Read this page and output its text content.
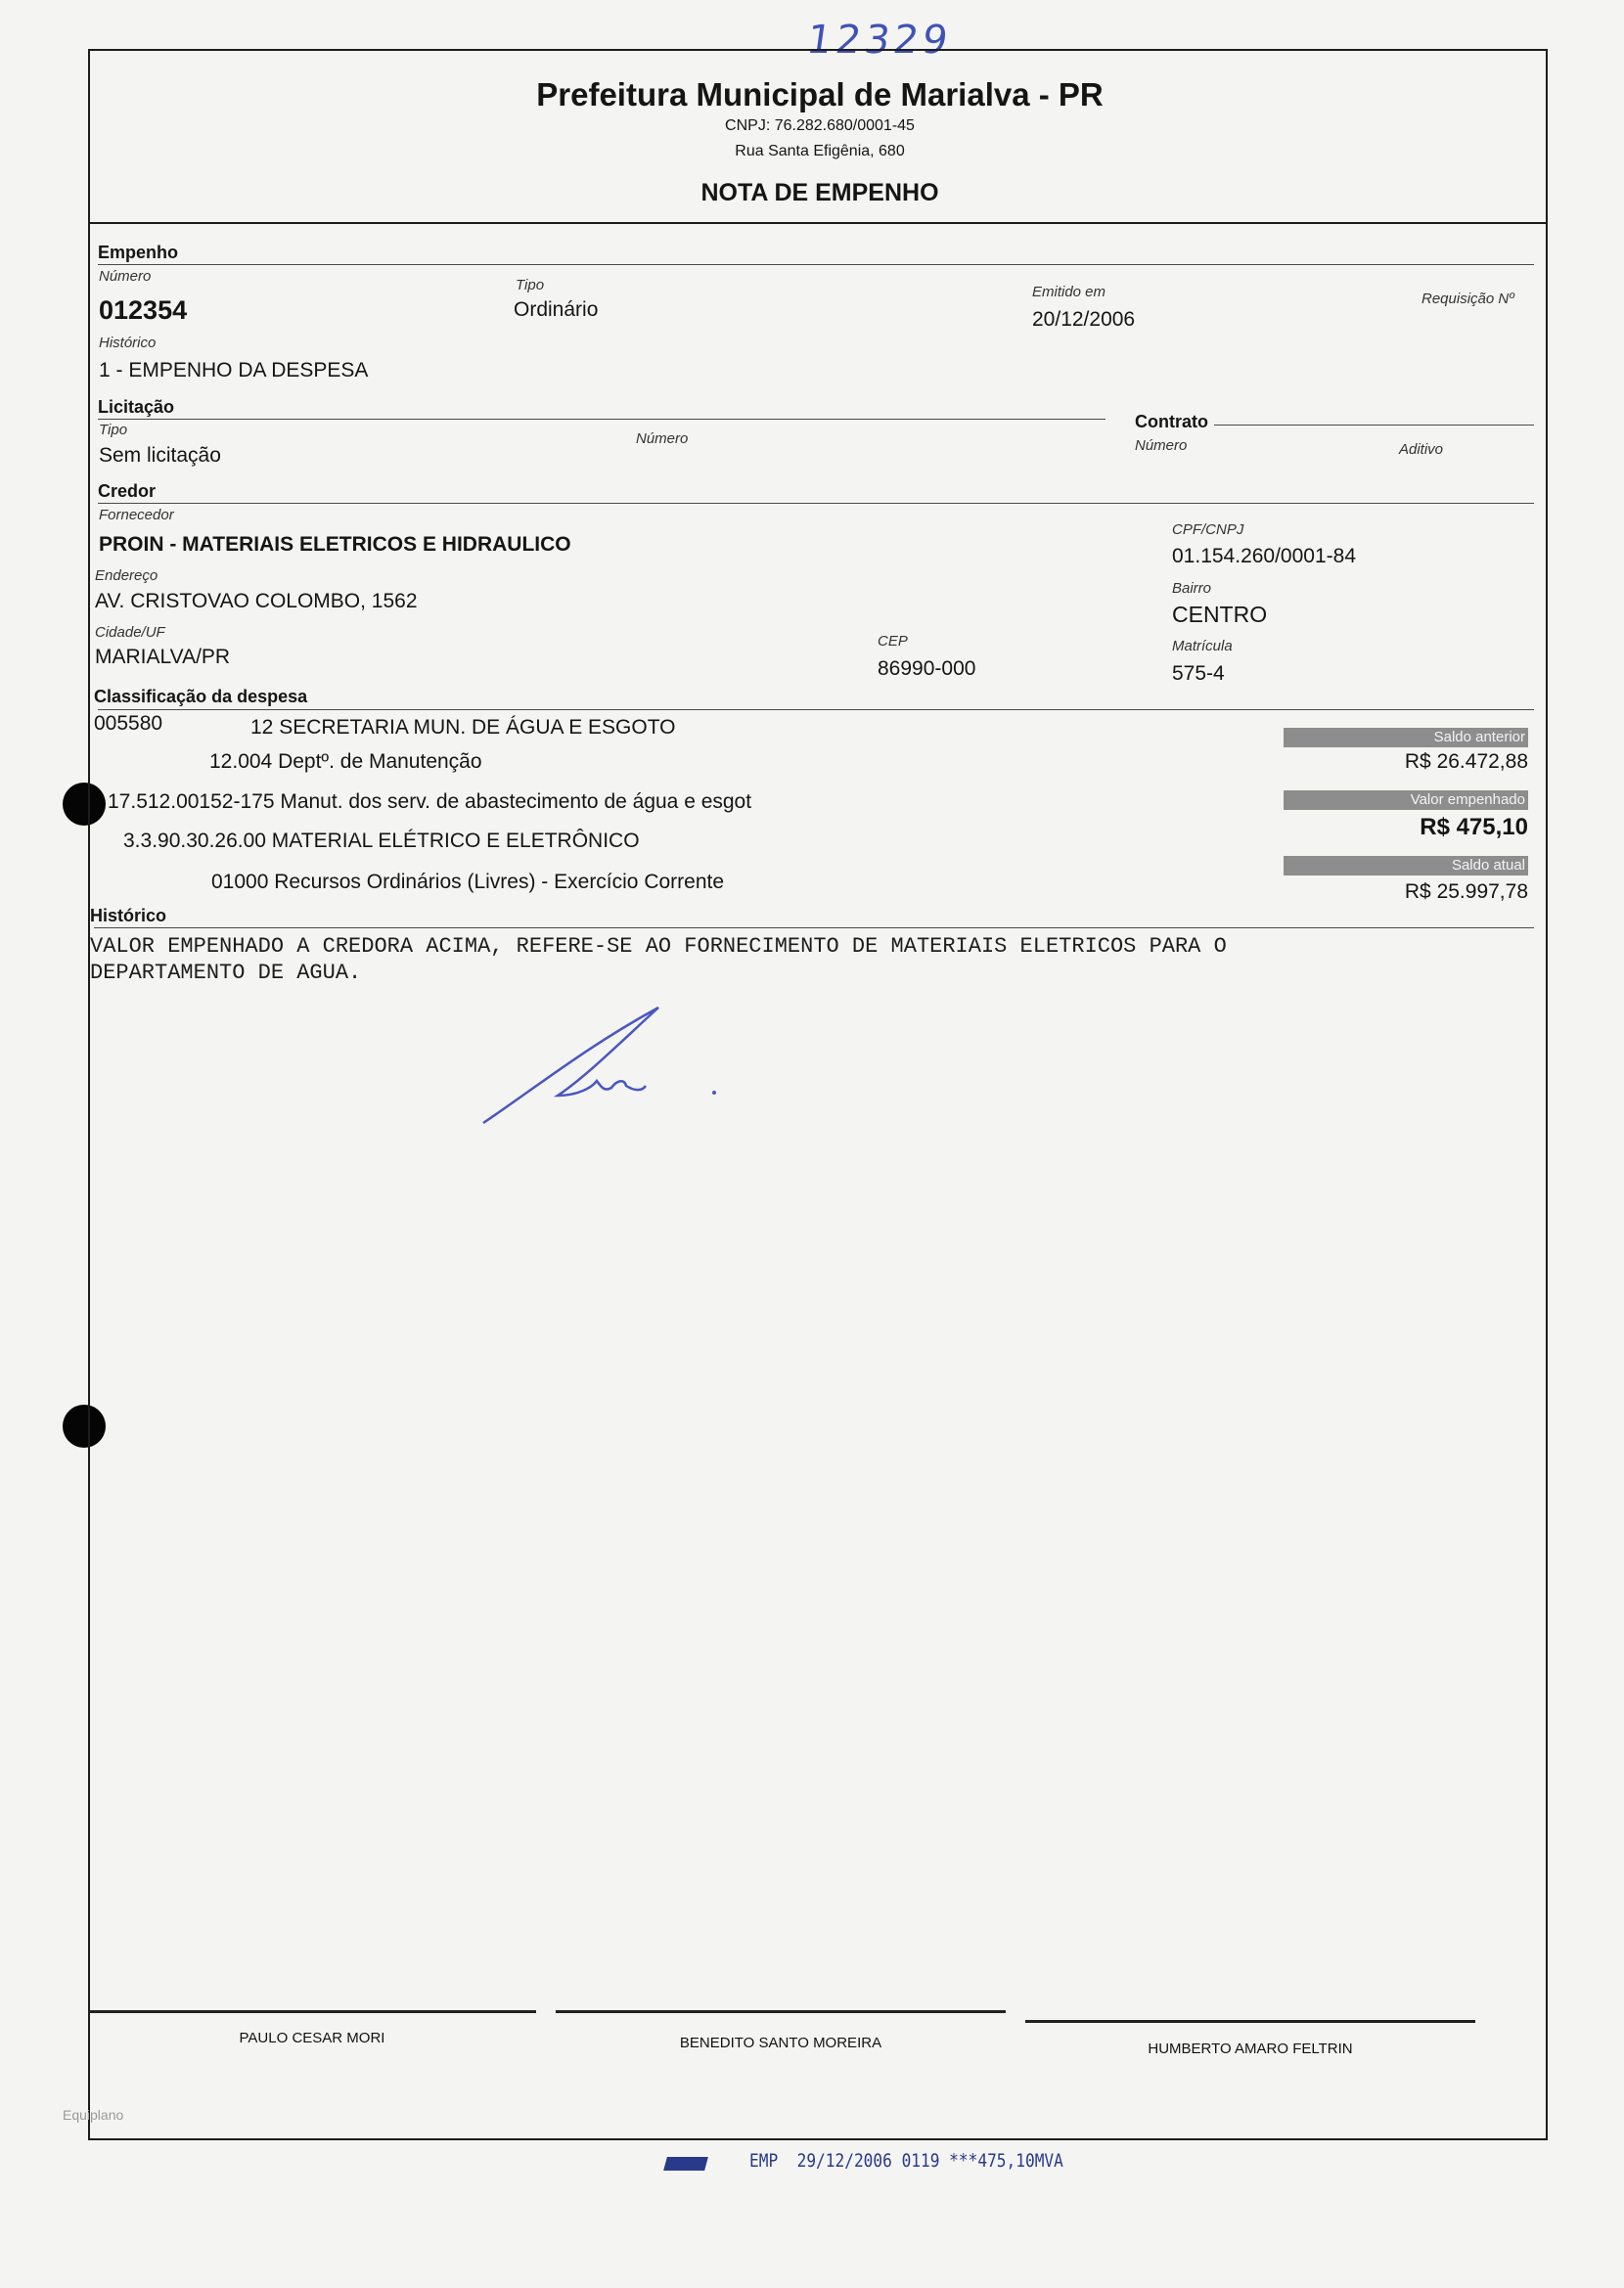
12329
Prefeitura Municipal de Marialva - PR
CNPJ: 76.282.680/0001-45
Rua Santa Efigênia, 680
NOTA DE EMPENHO
Empenho
Número
012354
Tipo
Ordinário
Emitido em
20/12/2006
Requisição Nº
Histórico
1 - EMPENHO DA DESPESA
Licitação
Tipo
Sem licitação
Número
Contrato
Número	Aditivo
Credor
Fornecedor
PROIN - MATERIAIS ELETRICOS E HIDRAULICO
CPF/CNPJ
01.154.260/0001-84
Endereço
AV. CRISTOVAO COLOMBO, 1562
Bairro
CENTRO
Cidade/UF
MARIALVA/PR
CEP
86990-000
Matrícula
575-4
Classificação da despesa
005580	12 SECRETARIA MUN. DE ÁGUA E ESGOTO
12.004 Deptº. de Manutenção
17.512.00152-175 Manut. dos serv. de abastecimento de água e esgot
3.3.90.30.26.00 MATERIAL ELÉTRICO E ELETRÔNICO
01000 Recursos Ordinários (Livres) - Exercício Corrente
Saldo anterior
R$ 26.472,88
Valor empenhado
R$ 475,10
Saldo atual
R$ 25.997,78
Histórico
VALOR EMPENHADO A CREDORA ACIMA, REFERE-SE AO FORNECIMENTO DE MATERIAIS ELETRICOS PARA O
DEPARTAMENTO DE AGUA.
PAULO CESAR MORI	BENEDITO SANTO MOREIRA	HUMBERTO AMARO FELTRIN
Equiplano
EMP  29/12/2006 0119 ***475,10MVA
